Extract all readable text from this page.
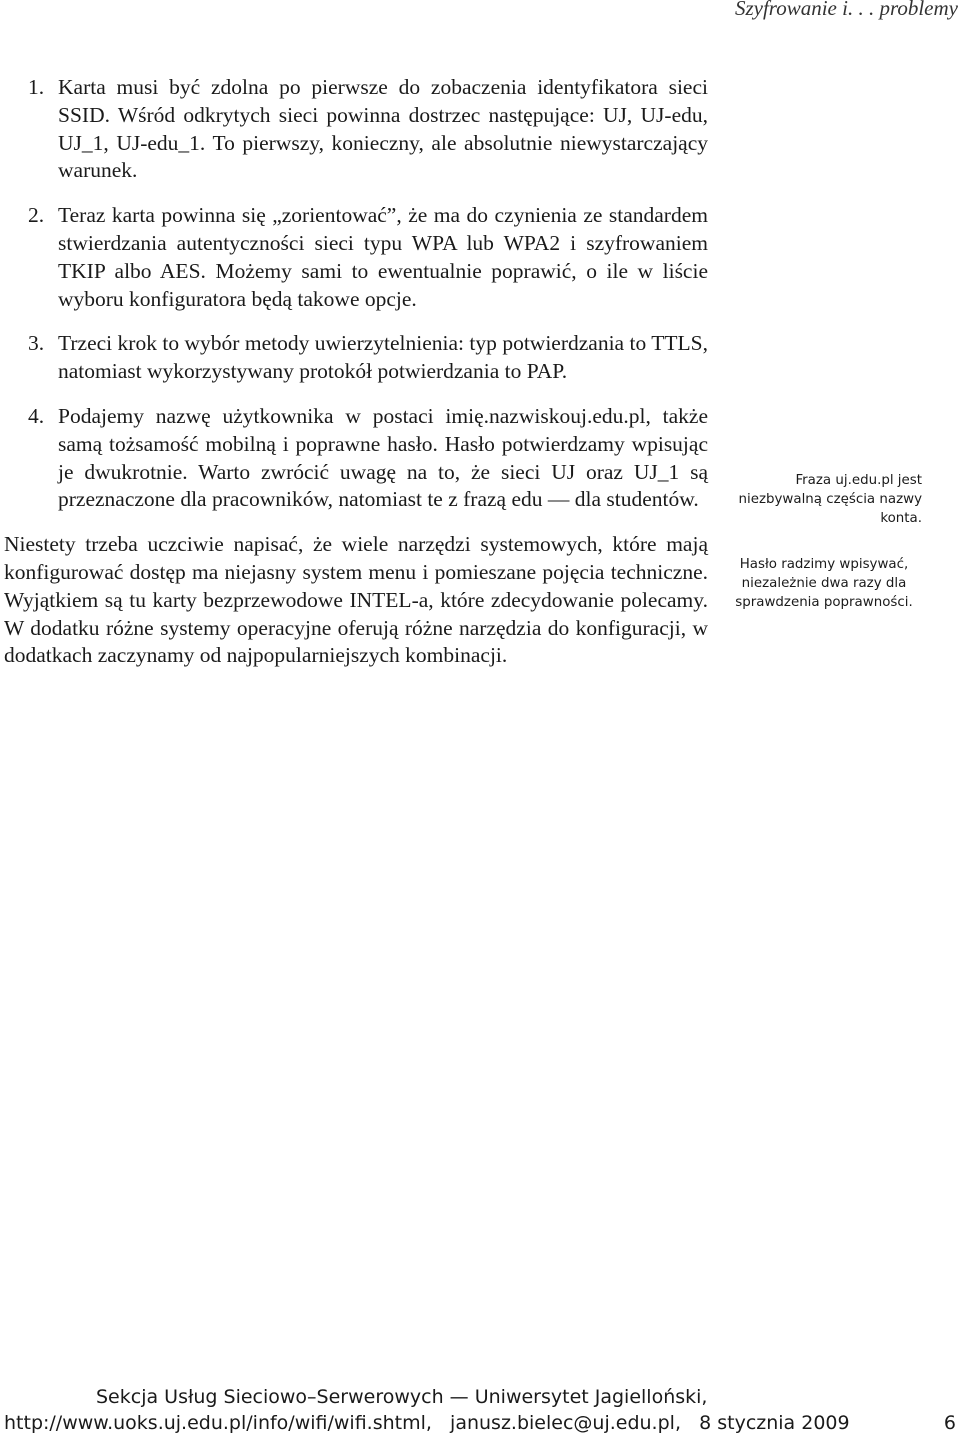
Szyfrowanie i. . . problemy
1. Karta musi być zdolna po pierwsze do zobaczenia identyfikatora sieci SSID. Wśród odkrytych sieci powinna dostrzec następujące: UJ, UJ-edu, UJ_1, UJ-edu_1. To pierwszy, konieczny, ale absolutnie niewystarczający warunek.
2. Teraz karta powinna się „zorientować”, że ma do czynienia ze standardem stwierdzania autentyczności sieci typu WPA lub WPA2 i szyfrowaniem TKIP albo AES. Możemy sami to ewentualnie poprawić, o ile w liście wyboru konfiguratora będą takowe opcje.
3. Trzeci krok to wybór metody uwierzytelnienia: typ potwierdzania to TTLS, natomiast wykorzystywany protokół potwierdzania to PAP.
4. Podajemy nazwę użytkownika w postaci imię.nazwiskouj.edu.pl, także samą tożsamość mobilną i poprawne hasło. Hasło potwierdzamy wpisując je dwukrotnie. Warto zwrócić uwagę na to, że sieci UJ oraz UJ_1 są przeznaczone dla pracowników, natomiast te z frazą edu — dla studentów.

Niestety trzeba uczciwie napisać, że wiele narzędzi systemowych, które mają konfigurować dostęp ma niejasny system menu i pomieszane pojęcia techniczne. Wyjątkiem są tu karty bezprzewodowe INTEL-a, które zdecydowanie polecamy. W dodatku różne systemy operacyjne oferują różne narzędzia do konfiguracji, w dodatkach zaczynamy od najpopularniejszych kombinacji.

Fraza uj.edu.pl jest niezbywalną częścia nazwy konta.
Hasło radzimy wpisywać, niezależnie dwa razy dla sprawdzenia poprawności.
Sekcja Usług Sieciowo–Serwerowych — Uniwersytet Jagielloński,
http://www.uoks.uj.edu.pl/info/wifi/wifi.shtml,   janusz.bielec@uj.edu.pl,   8 stycznia 2009	6
